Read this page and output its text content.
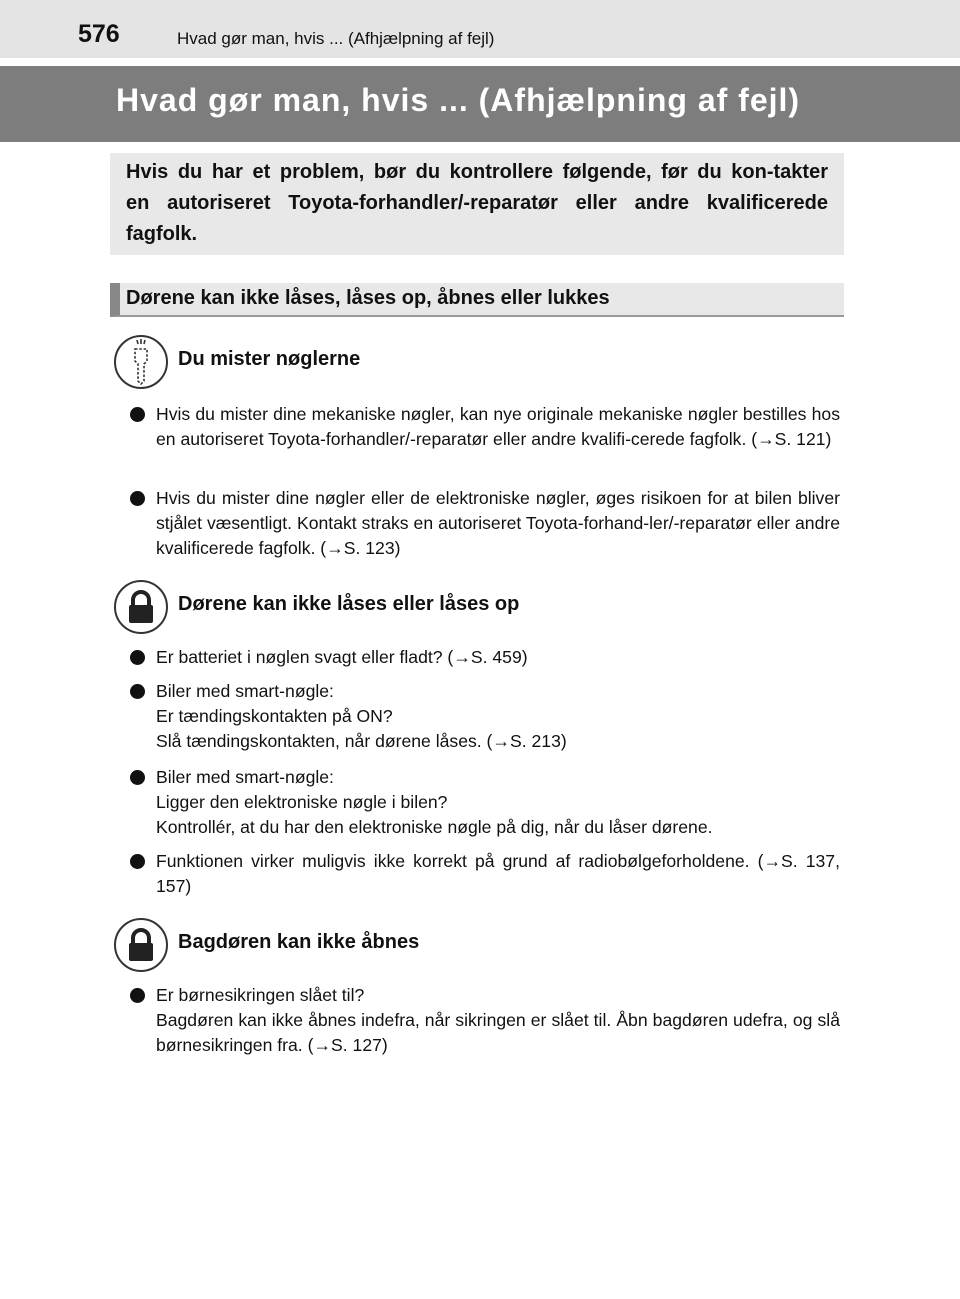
576	Hvad gør man, hvis ... (Afhjælpning af fejl)
Hvad gør man, hvis ... (Afhjælpning af fejl)

Hvis du har et problem, bør du kontrollere følgende, før du kon-takter en autoriseret Toyota-forhandler/-reparatør eller andre kvalificerede fagfolk.

Dørene kan ikke låses, låses op, åbnes eller lukkes
Du mister nøglerne
Hvis du mister dine mekaniske nøgler, kan nye originale mekaniske nøgler bestilles hos en autoriseret Toyota-forhandler/-reparatør eller andre kvalifi-cerede fagfolk. (→S. 121)
Hvis du mister dine nøgler eller de elektroniske nøgler, øges risikoen for at bilen bliver stjålet væsentligt. Kontakt straks en autoriseret Toyota-forhand-ler/-reparatør eller andre kvalificerede fagfolk. (→S. 123)
Dørene kan ikke låses eller låses op
Er batteriet i nøglen svagt eller fladt? (→S. 459)
Biler med smart-nøgle:
Er tændingskontakten på ON?
Slå tændingskontakten, når dørene låses. (→S. 213)
Biler med smart-nøgle:
Ligger den elektroniske nøgle i bilen?
Kontrollér, at du har den elektroniske nøgle på dig, når du låser dørene.
Funktionen virker muligvis ikke korrekt på grund af radiobølgeforholdene. (→S. 137, 157)
Bagdøren kan ikke åbnes
Er børnesikringen slået til?
Bagdøren kan ikke åbnes indefra, når sikringen er slået til. Åbn bagdøren udefra, og slå børnesikringen fra. (→S. 127)
